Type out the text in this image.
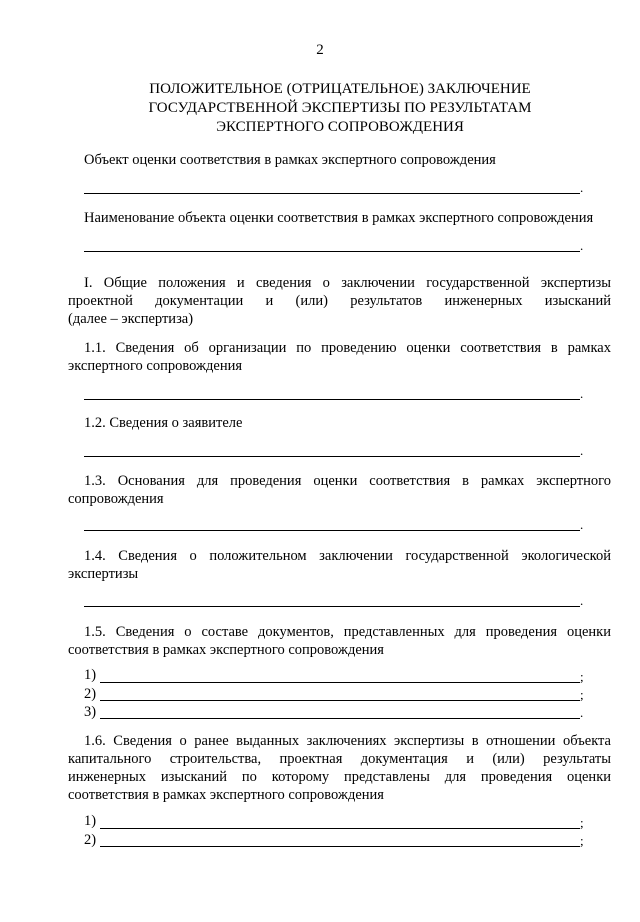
2
ПОЛОЖИТЕЛЬНОЕ (ОТРИЦАТЕЛЬНОЕ) ЗАКЛЮЧЕНИЕ
ГОСУДАРСТВЕННОЙ ЭКСПЕРТИЗЫ ПО РЕЗУЛЬТАТАМ
ЭКСПЕРТНОГО СОПРОВОЖДЕНИЯ
Объект оценки соответствия в рамках экспертного сопровождения
.
Наименование объекта оценки соответствия в рамках экспертного сопровождения
.
I. Общие положения и сведения о заключении государственной экспертизы
проектной документации и (или) результатов инженерных изысканий
(далее – экспертиза)
1.1. Сведения об организации по проведению оценки соответствия в рамках
экспертного сопровождения
.
1.2. Сведения о заявителе
.
1.3. Основания для проведения оценки соответствия в рамках экспертного
сопровождения
.
1.4. Сведения о положительном заключении государственной экологической
экспертизы
.
1.5. Сведения о составе документов, представленных для проведения оценки
соответствия в рамках экспертного сопровождения
1)	;
2)	;
3)	.
1.6. Сведения о ранее выданных заключениях экспертизы в отношении объекта
капитального строительства, проектная документация и (или) результаты
инженерных изысканий по которому представлены для проведения оценки
соответствия в рамках экспертного сопровождения
1)	;
2)	;
